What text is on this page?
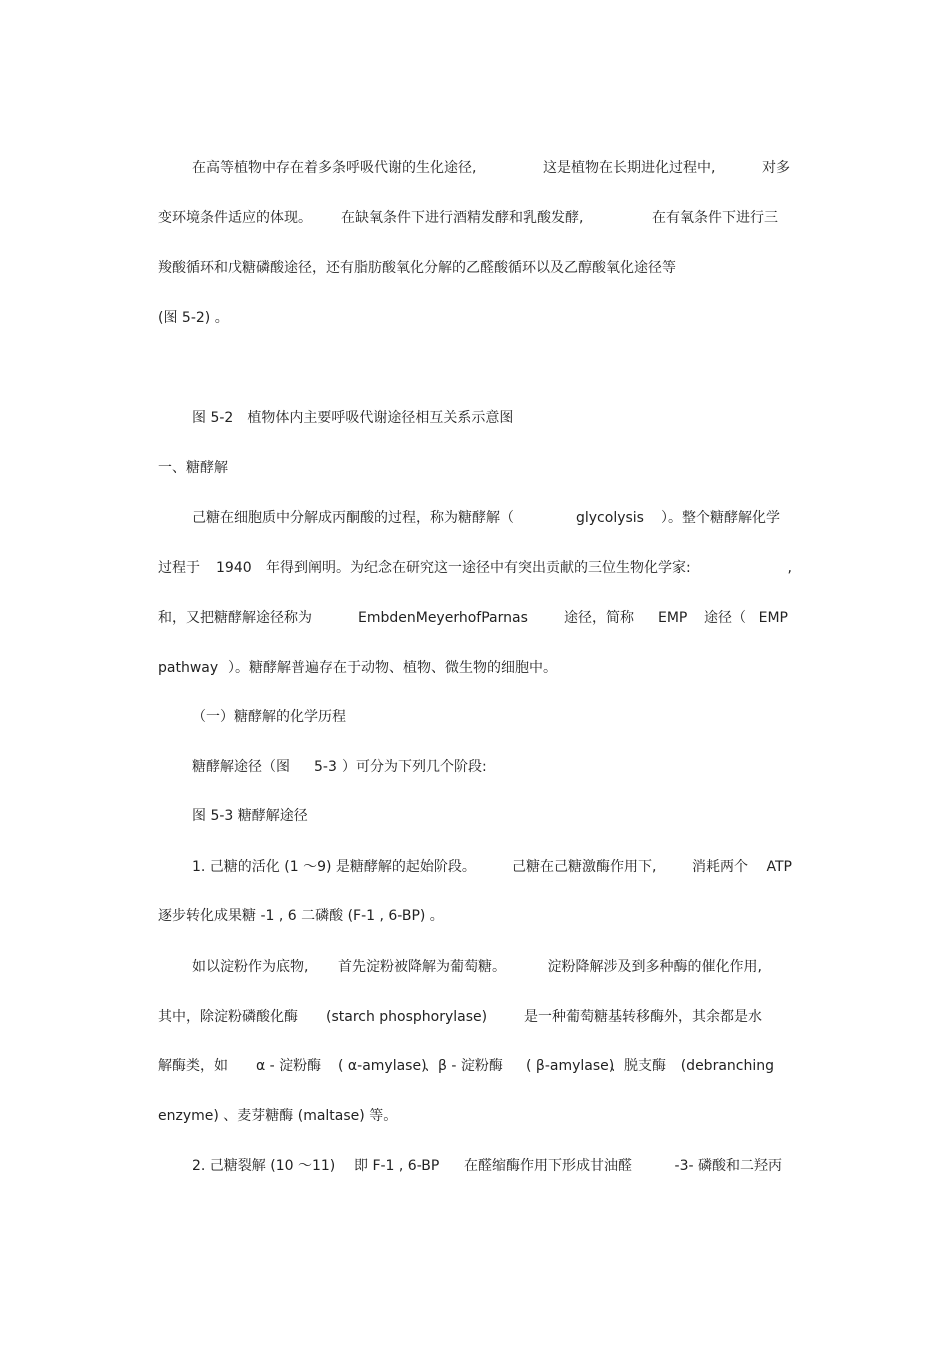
在高等植物中存在着多条呼吸代谢的生化途径,	这是植物在长期进化过程中,	对多
变环境条件适应的体现。 在缺氧条件下进行酒精发酵和乳酸发酵,	在有氧条件下进行三
羧酸循环和戊糖磷酸途径，还有脂肪酸氧化分解的乙醛酸循环以及乙醇酸氧化途径等
(图 5-2) 。
图 5-2　植物体内主要呼吸代谢途径相互关系示意图
一、糖酵解
己糖在细胞质中分解成丙酮酸的过程，称为糖酵解（	glycolysis ）。整个糖酵解化学
过程于 1940 年得到阐明。为纪念在研究这一途径中有突出贡献的三位生物化学家:	,
和，又把糖酵解途径称为	EmbdenMeyerhofParnas	途径，简称 EMP 途径（ EMP
pathway ）。糖酵解普遍存在于动物、植物、微生物的细胞中。
（一）糖酵解的化学历程
糖酵解途径（图 5-3 ）可分为下列几个阶段:
图 5-3 糖酵解途径
1. 己糖的活化 (1 ～9) 是糖酵解的起始阶段。	己糖在己糖激酶作用下,	消耗两个 ATP
逐步转化成果糖 -1 , 6 二磷酸 (F-1 , 6-BP) 。
如以淀粉作为底物, 首先淀粉被降解为葡萄糖。	淀粉降解涉及到多种酶的催化作用,
其中，除淀粉磷酸化酶 (starch phosphorylase)	是一种葡萄糖基转移酶外，其余都是水
解酶类，如 α - 淀粉酶 ( α-amylase)
、β - 淀粉酶 ( β-amylase)
、脱支酶 (debranching
enzyme) 、麦芽糖酶 (maltase) 等。
2. 己糖裂解 (10 ～11) 即 F-1 , 6-BP 在醛缩酶作用下形成甘油醛	-3- 磷酸和二羟丙
